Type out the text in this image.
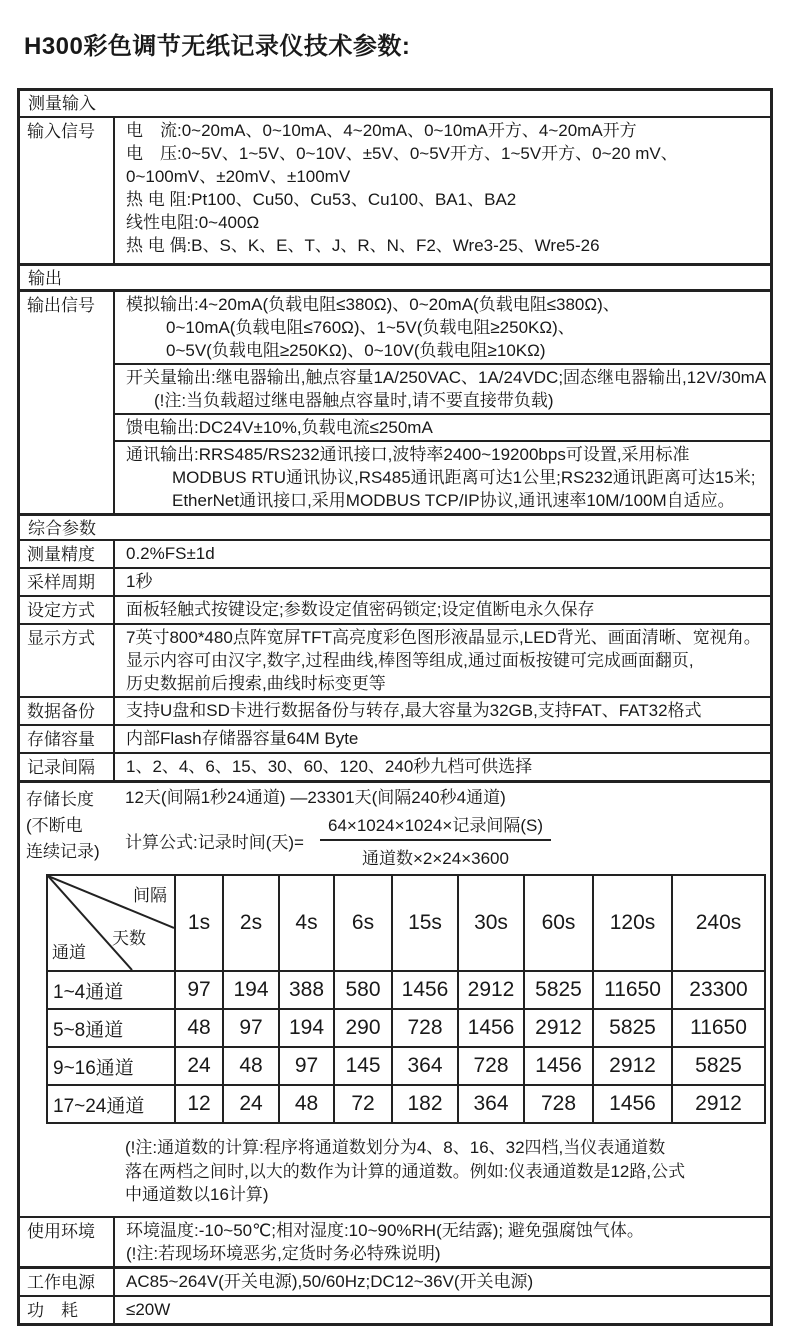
H300彩色调节无纸记录仪技术参数:
测量输入
输入信号	电　流:0~20mA、0~10mA、4~20mA、0~10mA开方、4~20mA开方
电　压:0~5V、1~5V、0~10V、±5V、0~5V开方、1~5V开方、0~20 mV、
0~100mV、±20mV、±100mV
热 电 阻:Pt100、Cu50、Cu53、Cu100、BA1、BA2
线性电阻:0~400Ω
热 电 偶:B、S、K、E、T、J、R、N、F2、Wre3-25、Wre5-26
输出
输出信号	模拟输出:4~20mA(负载电阻≤380Ω)、0~20mA(负载电阻≤380Ω)、
0~10mA(负载电阻≤760Ω)、1~5V(负载电阻≥250KΩ)、
0~5V(负载电阻≥250KΩ)、0~10V(负载电阻≥10KΩ)
开关量输出:继电器输出,触点容量1A/250VAC、1A/24VDC;固态继电器输出,12V/30mA
(!注:当负载超过继电器触点容量时,请不要直接带负载)
馈电输出:DC24V±10%,负载电流≤250mA
通讯输出:RRS485/RS232通讯接口,波特率2400~19200bps可设置,采用标准
MODBUS RTU通讯协议,RS485通讯距离可达1公里;RS232通讯距离可达15米;
EtherNet通讯接口,采用MODBUS TCP/IP协议,通讯速率10M/100M自适应。
综合参数
测量精度	0.2%FS±1d
采样周期	1秒
设定方式	面板轻触式按键设定;参数设定值密码锁定;设定值断电永久保存
显示方式	7英寸800*480点阵宽屏TFT高亮度彩色图形液晶显示,LED背光、画面清晰、宽视角。
显示内容可由汉字,数字,过程曲线,棒图等组成,通过面板按键可完成画面翻页,
历史数据前后搜索,曲线时标变更等
数据备份	支持U盘和SD卡进行数据备份与转存,最大容量为32GB,支持FAT、FAT32格式
存储容量	内部Flash存储器容量64M Byte
记录间隔	1、2、4、6、15、30、60、120、240秒九档可供选择
存储长度
(不断电
连续记录)
12天(间隔1秒24通道) —23301天(间隔240秒4通道)
计算公式:记录时间(天)= $\frac{\text{64×1024×1024×记录间隔(S)}}{\text{通道数×2×24×3600}}$
间隔
天数
通道
1s	2s	4s	6s	15s	30s	60s	120s	240s
1~4通道	97	194 388	580	1456 2912 5825	11650	23300
5~8通道	48	97	194	290	728	1456 2912	5825	11650
9~16通道	24	48	97	145	364	728	1456	2912	5825
17~24通道	12	24	48	72	182	364	728	1456	2912
(!注:通道数的计算:程序将通道数划分为4、8、16、32四档,当仪表通道数
落在两档之间时,以大的数作为计算的通道数。例如:仪表通道数是12路,公式
中通道数以16计算)
使用环境	环境温度:-10~50℃;相对湿度:10~90%RH(无结露); 避免强腐蚀气体。
(!注:若现场环境恶劣,定货时务必特殊说明)
工作电源	AC85~264V(开关电源),50/60Hz;DC12~36V(开关电源)
功　耗	≤20W
